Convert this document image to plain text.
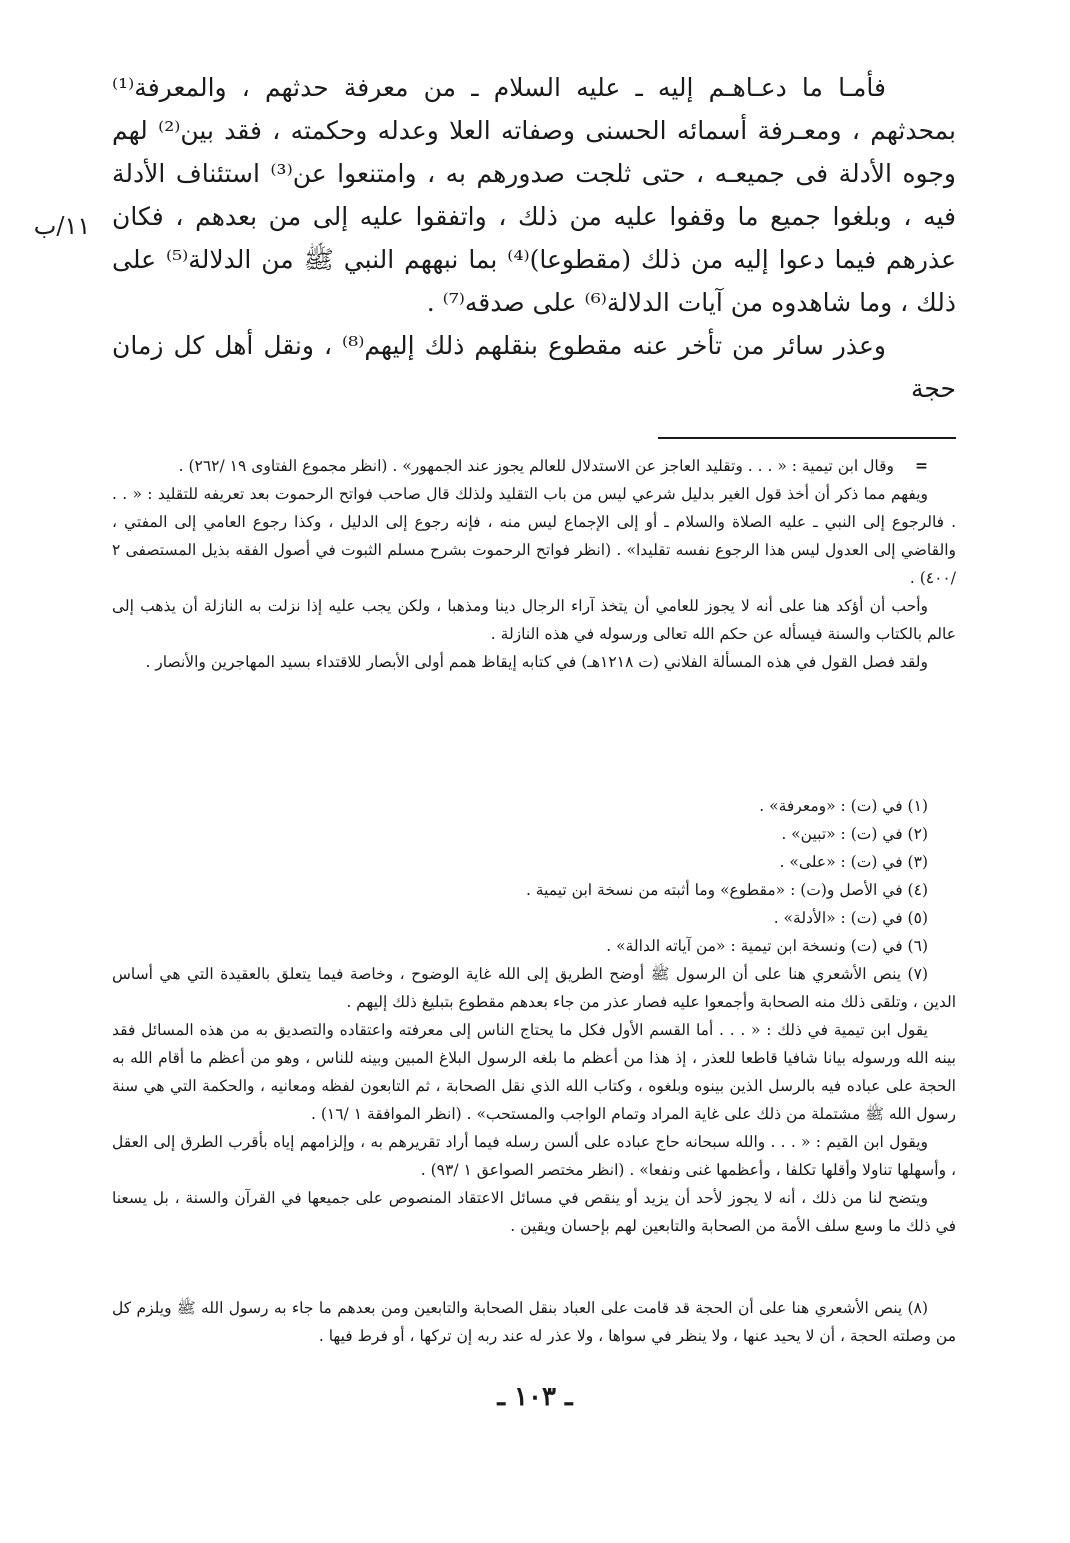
١١/ب

فأمـا ما دعـاهـم إليه ـ عليه السلام ـ من معرفة حدثهم ، والمعرفة⁽¹⁾ بمحدثهم ، ومعـرفة أسمائه الحسنى وصفاته العلا وعدله وحكمته ، فقد بين⁽²⁾ لهم وجوه الأدلة فى جميعـه ، حتى ثلجت صدورهم به ، وامتنعوا عن⁽³⁾ استئناف الأدلة فيه ، وبلغوا جميع ما وقفوا عليه من ذلك ، واتفقوا عليه إلى من بعدهم ، فكان عذرهم فيما دعوا إليه من ذلك (مقطوعا)⁽⁴⁾ بما نبههم النبي ﷺ من الدلالة⁽⁵⁾ على ذلك ، وما شاهدوه من آيات الدلالة⁽⁶⁾ على صدقه⁽⁷⁾ .

وعذر سائر من تأخر عنه مقطوع بنقلهم ذلك إليهم⁽⁸⁾ ، ونقل أهل كل زمان حجة

=وقال ابن تيمية : « . . . وتقليد العاجز عن الاستدلال للعالم يجوز عند الجمهور» . (انظر مجموع الفتاوى ١٩ /٢٦٢) .

ويفهم مما ذكر أن أخذ قول الغير بدليل شرعي ليس من باب التقليد ولذلك قال صاحب فواتح الرحموت بعد تعريفه للتقليد : « . . . فالرجوع إلى النبي ـ عليه الصلاة والسلام ـ أو إلى الإجماع ليس منه ، فإنه رجوع إلى الدليل ، وكذا رجوع العامي إلى المفتي ، والقاضي إلى العدول ليس هذا الرجوع نفسه تقليدا» . (انظر فواتح الرحموت بشرح مسلم الثبوت في أصول الفقه بذيل المستصفى ٢ /٤٠٠) .

وأحب أن أؤكد هنا على أنه لا يجوز للعامي أن يتخذ آراء الرجال دينا ومذهبا ، ولكن يجب عليه إذا نزلت به النازلة أن يذهب إلى عالم بالكتاب والسنة فيسأله عن حكم الله تعالى ورسوله في هذه النازلة .

ولقد فصل القول في هذه المسألة الفلاني (ت ١٢١٨هـ) في كتابه إيقاظ همم أولى الأبصار للاقتداء بسيد المهاجرين والأنصار .

(١) في (ت) : «ومعرفة» .

(٢) في (ت) : «تبين» .

(٣) في (ت) : «على» .

(٤) في الأصل و(ت) : «مقطوع» وما أثبته من نسخة ابن تيمية .

(٥) في (ت) : «الأدلة» .

(٦) في (ت) ونسخة ابن تيمية : «من آياته الدالة» .

(٧) ينص الأشعري هنا على أن الرسول ﷺ أوضح الطريق إلى الله غاية الوضوح ، وخاصة فيما يتعلق بالعقيدة التي هي أساس الدين ، وتلقى ذلك منه الصحابة وأجمعوا عليه فصار عذر من جاء بعدهم مقطوع بتبليغ ذلك إليهم .

يقول ابن تيمية في ذلك : « . . . أما القسم الأول فكل ما يحتاج الناس إلى معرفته واعتقاده والتصديق به من هذه المسائل فقد بينه الله ورسوله بيانا شافيا قاطعا للعذر ، إذ هذا من أعظم ما بلغه الرسول البلاغ المبين وبينه للناس ، وهو من أعظم ما أقام الله به الحجة على عباده فيه بالرسل الذين بينوه وبلغوه ، وكتاب الله الذي نقل الصحابة ، ثم التابعون لفظه ومعانيه ، والحكمة التي هي سنة رسول الله ﷺ مشتملة من ذلك على غاية المراد وتمام الواجب والمستحب» . (انظر الموافقة ١ /١٦) .

ويقول ابن القيم : « . . . والله سبحانه حاج عباده على ألسن رسله فيما أراد تقريرهم به ، وإلزامهم إياه بأقرب الطرق إلى العقل ، وأسهلها تناولا وأقلها تكلفا ، وأعظمها غنى ونفعا» . (انظر مختصر الصواعق ١ /٩٣) .

ويتضح لنا من ذلك ، أنه لا يجوز لأحد أن يزيد أو ينقص في مسائل الاعتقاد المنصوص على جميعها في القرآن والسنة ، بل يسعنا في ذلك ما وسع سلف الأمة من الصحابة والتابعين لهم بإحسان ويقين .

(٨) ينص الأشعري هنا على أن الحجة قد قامت على العباد بنقل الصحابة والتابعين ومن بعدهم ما جاء به رسول الله ﷺ ويلزم كل من وصلته الحجة ، أن لا يحيد عنها ، ولا ينظر في سواها ، ولا عذر له عند ربه إن تركها ، أو فرط فيها .

ـ ١٠٣ ـ
